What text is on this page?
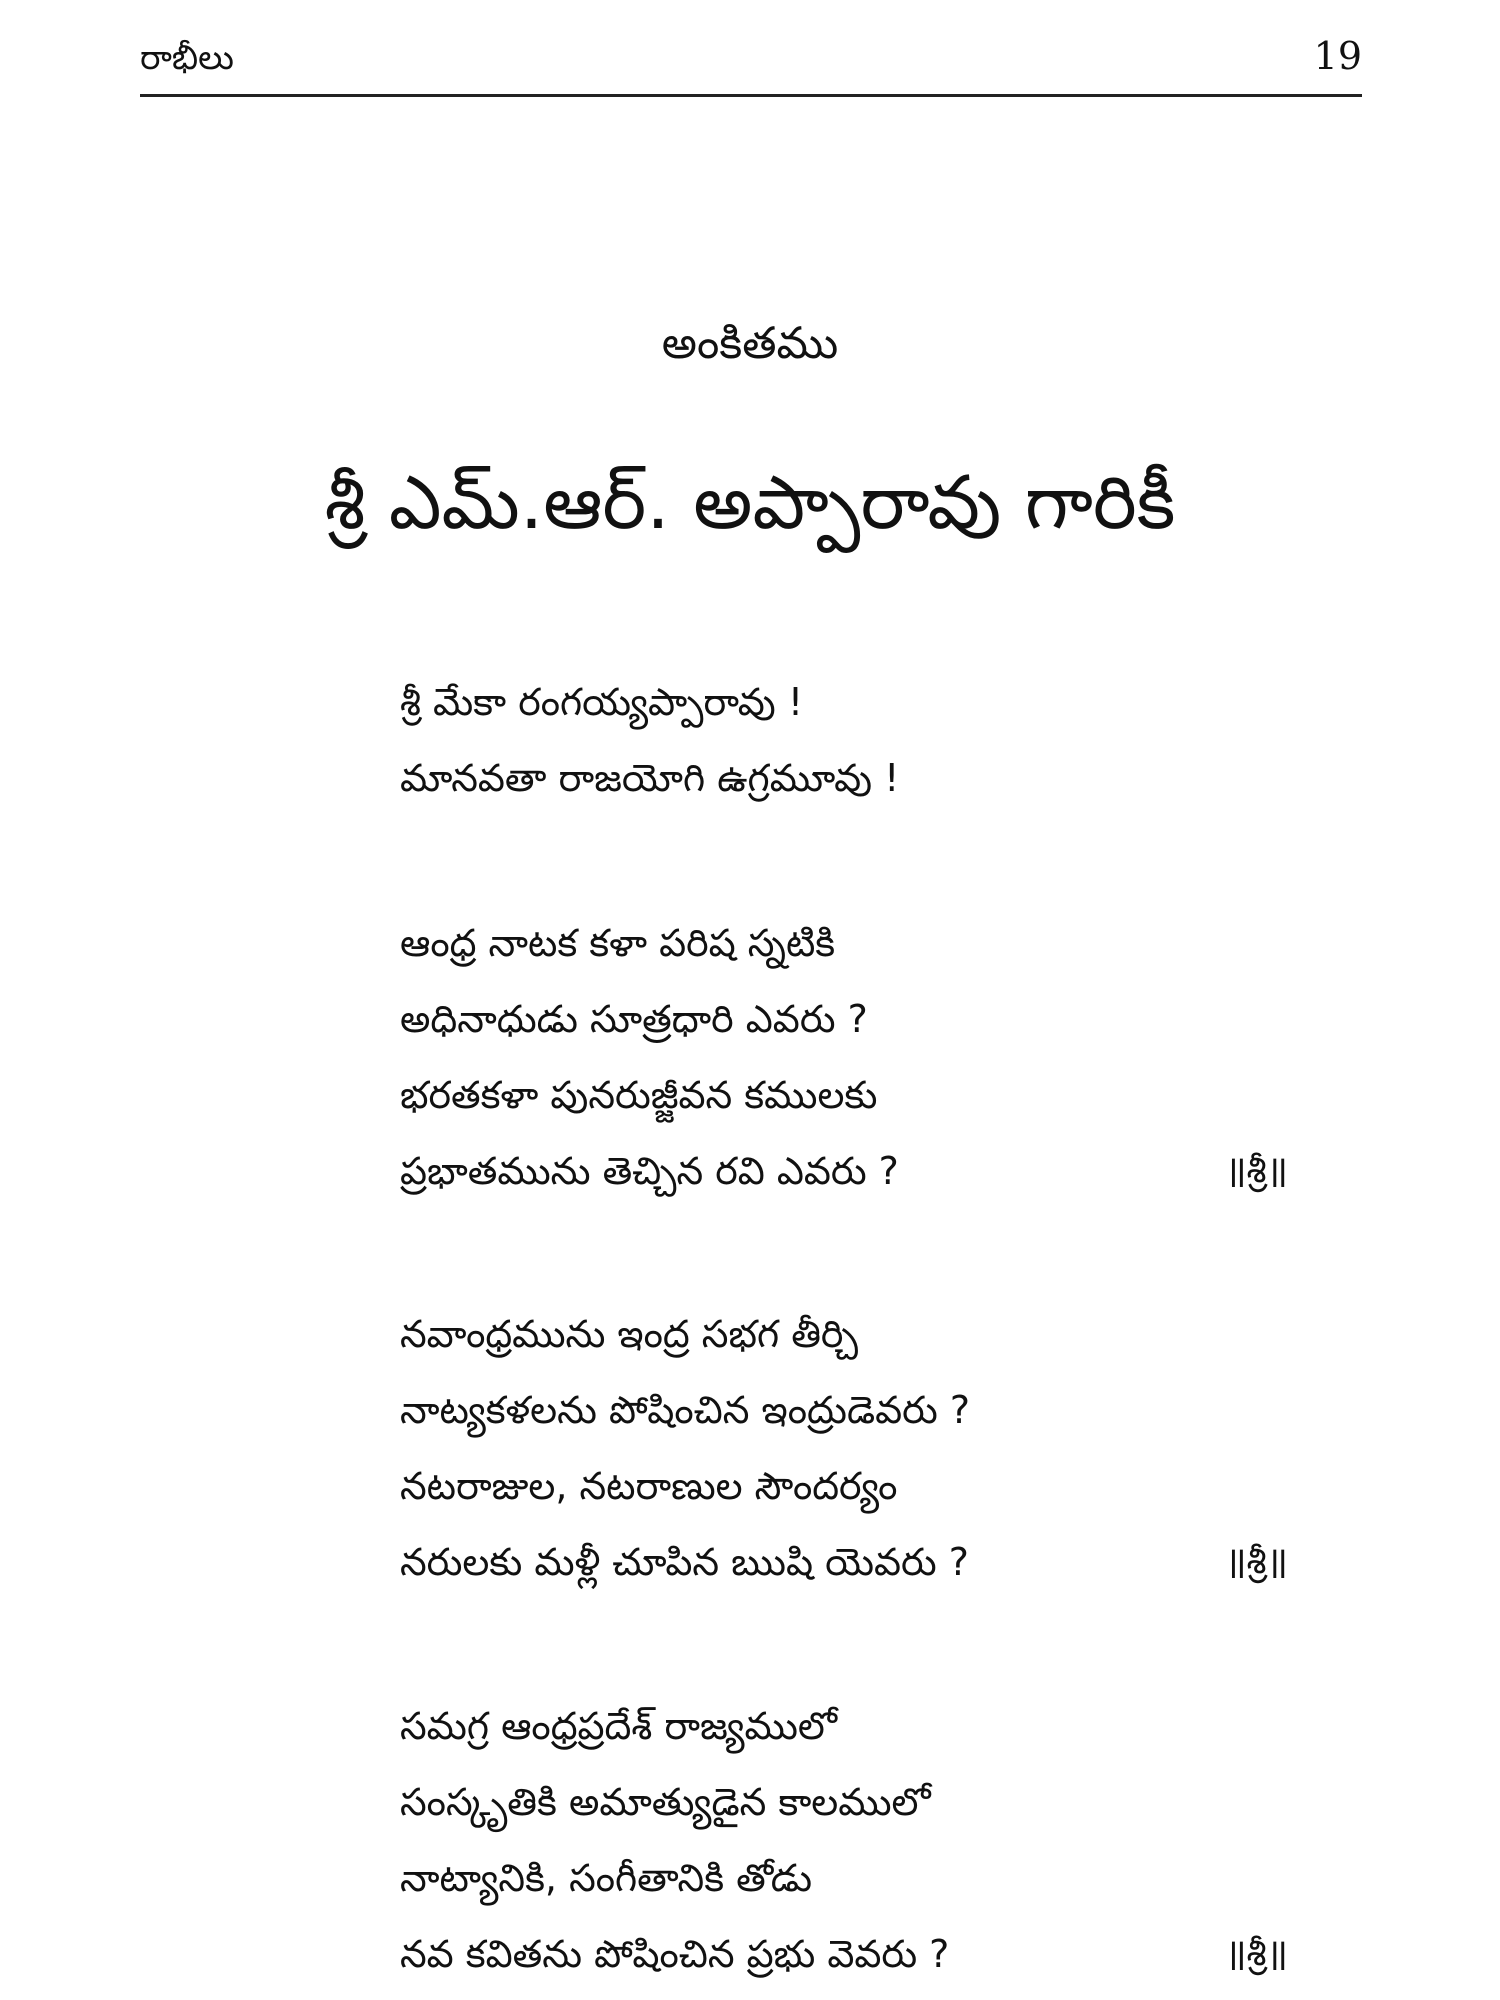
రాభీలు	19
అంకితము
శ్రీ ఎమ్.ఆర్. అప్పారావు గారికీ
శ్రీ మేకా రంగయ్యప్పారావు !
మానవతా రాజయోగి ఉగ్రమూవు !
ఆంధ్ర నాటక కళా పరిష స్నటికి
అధినాధుడు సూత్రధారి ఎవరు ?
భరతకళా పునరుజ్జీవన కములకు
ప్రభాతమును తెచ్చిన రవి ఎవరు ?	॥శ్రీ॥
నవాంధ్రమును ఇంద్ర సభగ తీర్చి
నాట్యకళలను పోషించిన ఇంద్రుడెవరు ?
నటరాజుల, నటరాణుల సౌందర్యం
నరులకు మళ్లీ చూపిన ఋషి యెవరు ?	॥శ్రీ॥
సమగ్ర ఆంధ్రప్రదేశ్ రాజ్యములో
సంస్కృతికి అమాత్యుడైన కాలములో
నాట్యానికి, సంగీతానికి తోడు
నవ కవితను పోషించిన ప్రభు వెవరు ?	॥శ్రీ॥
